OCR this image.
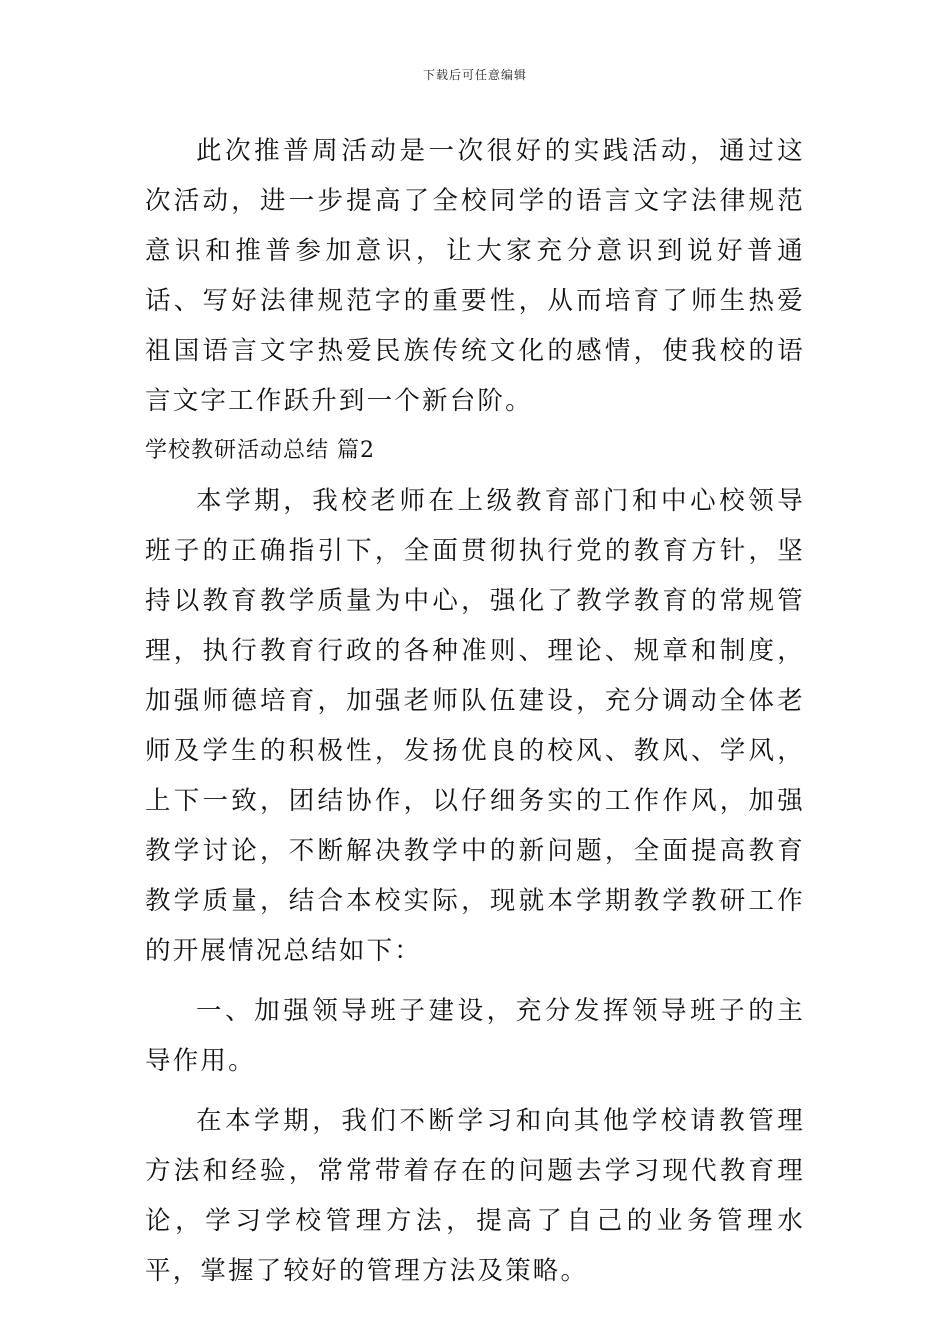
下载后可任意编辑

此次推普周活动是一次很好的实践活动，通过这次活动，进一步提高了全校同学的语言文字法律规范意识和推普参加意识，让大家充分意识到说好普通话、写好法律规范字的重要性，从而培育了师生热爱祖国语言文字热爱民族传统文化的感情，使我校的语言文字工作跃升到一个新台阶。

学校教研活动总结 篇2

本学期，我校老师在上级教育部门和中心校领导班子的正确指引下，全面贯彻执行党的教育方针，坚持以教育教学质量为中心，强化了教学教育的常规管理，执行教育行政的各种准则、理论、规章和制度，加强师德培育，加强老师队伍建设，充分调动全体老师及学生的积极性，发扬优良的校风、教风、学风，上下一致，团结协作，以仔细务实的工作作风，加强教学讨论，不断解决教学中的新问题，全面提高教育教学质量，结合本校实际，现就本学期教学教研工作的开展情况总结如下：

一、加强领导班子建设，充分发挥领导班子的主导作用。

在本学期，我们不断学习和向其他学校请教管理方法和经验，常常带着存在的问题去学习现代教育理论，学习学校管理方法，提高了自己的业务管理水平，掌握了较好的管理方法及策略。
